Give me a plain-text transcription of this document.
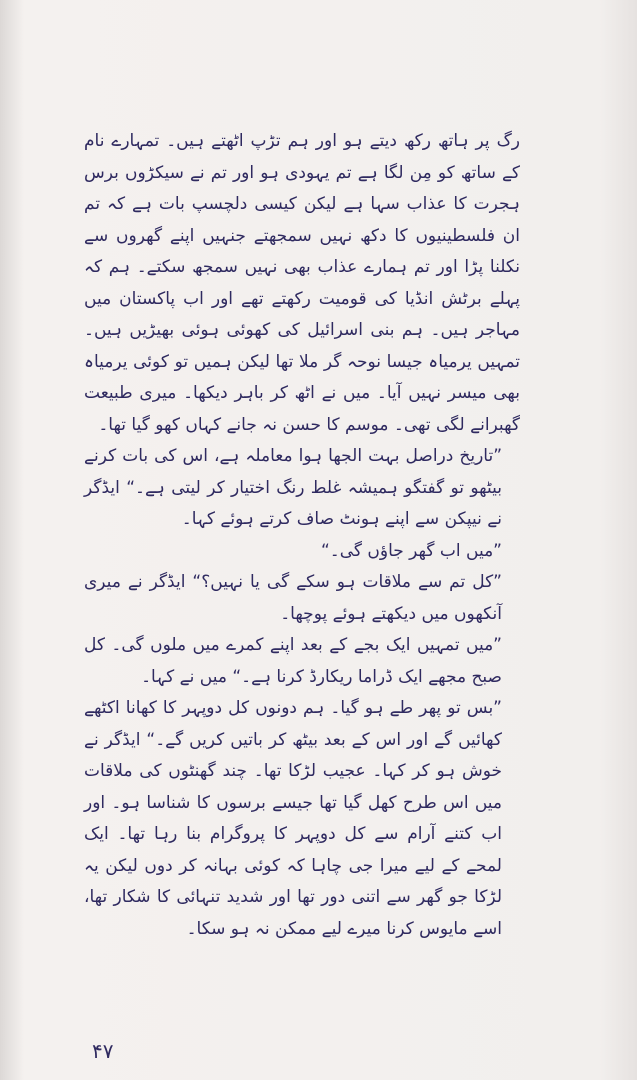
رگ پر ہاتھ رکھ دیتے ہو اور ہم تڑپ اٹھتے ہیں۔ تمہارے نام کے ساتھ کو مِن لگا ہے تم یہودی ہو اور تم نے سیکڑوں برس ہجرت کا عذاب سہا ہے لیکن کیسی دلچسپ بات ہے کہ تم ان فلسطینیوں کا دکھ نہیں سمجھتے جنہیں اپنے گھروں سے نکلنا پڑا اور تم ہمارے عذاب بھی نہیں سمجھ سکتے۔ ہم کہ پہلے برٹش انڈیا کی قومیت رکھتے تھے اور اب پاکستان میں مہاجر ہیں۔ ہم بنی اسرائیل کی کھوئی ہوئی بھیڑیں ہیں۔ تمہیں یرمیاہ جیسا نوحہ گر ملا تھا لیکن ہمیں تو کوئی یرمیاہ بھی میسر نہیں آیا۔ میں نے اٹھ کر باہر دیکھا۔ میری طبیعت گھبرانے لگی تھی۔ موسم کا حسن نہ جانے کہاں کھو گیا تھا۔

”تاریخ دراصل بہت الجھا ہوا معاملہ ہے، اس کی بات کرنے بیٹھو تو گفتگو ہمیشہ غلط رنگ اختیار کر لیتی ہے۔“ ایڈگر نے نیپکن سے اپنے ہونٹ صاف کرتے ہوئے کہا۔

”میں اب گھر جاؤں گی۔“

”کل تم سے ملاقات ہو سکے گی یا نہیں؟“ ایڈگر نے میری آنکھوں میں دیکھتے ہوئے پوچھا۔

”میں تمہیں ایک بجے کے بعد اپنے کمرے میں ملوں گی۔ کل صبح مجھے ایک ڈراما ریکارڈ کرنا ہے۔“ میں نے کہا۔

”بس تو پھر طے ہو گیا۔ ہم دونوں کل دوپہر کا کھانا اکٹھے کھائیں گے اور اس کے بعد بیٹھ کر باتیں کریں گے۔“ ایڈگر نے خوش ہو کر کہا۔ عجیب لڑکا تھا۔ چند گھنٹوں کی ملاقات میں اس طرح کھل گیا تھا جیسے برسوں کا شناسا ہو۔ اور اب کتنے آرام سے کل دوپہر کا پروگرام بنا رہا تھا۔ ایک لمحے کے لیے میرا جی چاہا کہ کوئی بہانہ کر دوں لیکن یہ لڑکا جو گھر سے اتنی دور تھا اور شدید تنہائی کا شکار تھا، اسے مایوس کرنا میرے لیے ممکن نہ ہو سکا۔

۴۷
